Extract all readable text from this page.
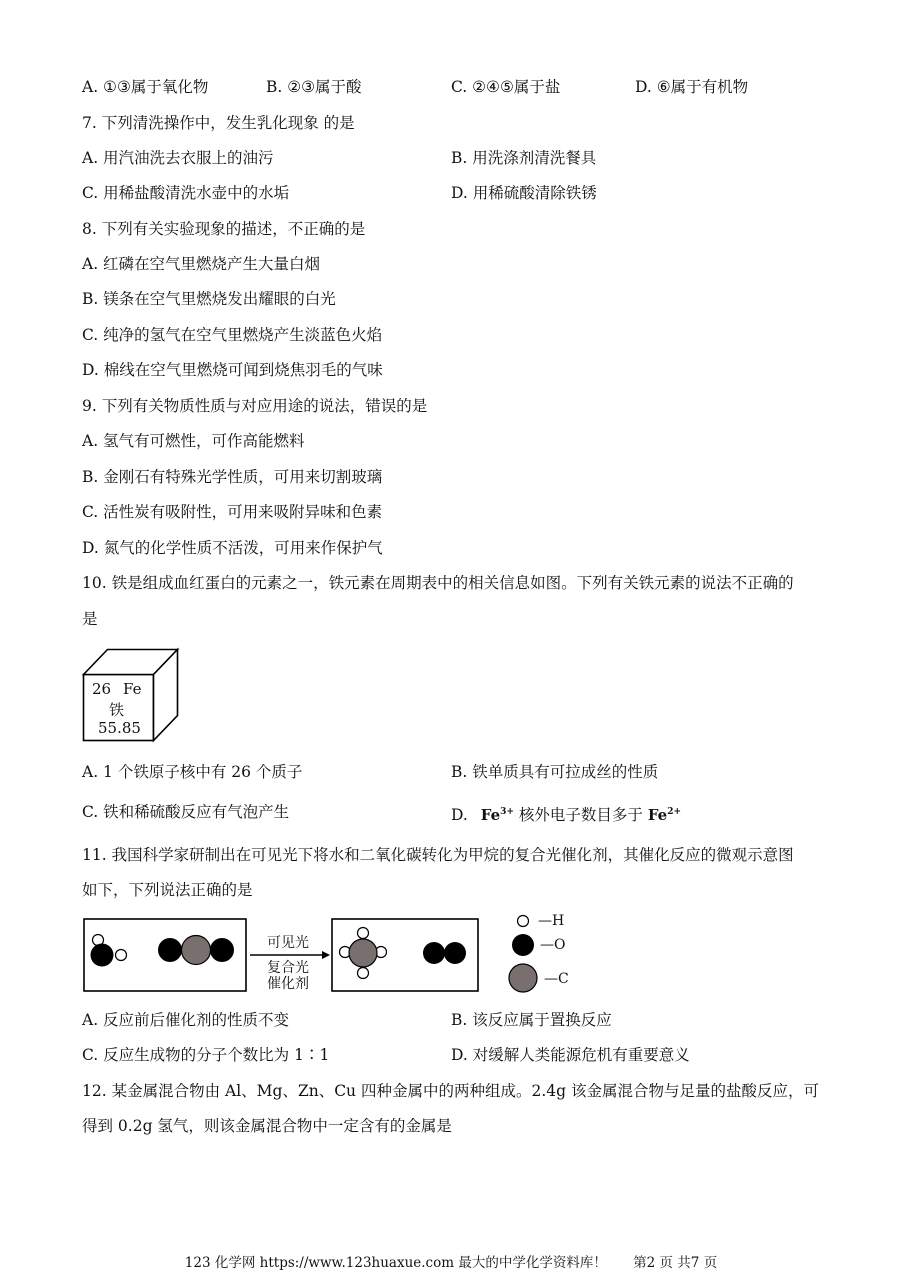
A. ①③属于氧化物	B. ②③属于酸	C. ②④⑤属于盐	D. ⑥属于有机物
7. 下列清洗操作中，发生乳化现象 的是
A. 用汽油洗去衣服上的油污	B. 用洗涤剂清洗餐具
C. 用稀盐酸清洗水壶中的水垢	D. 用稀硫酸清除铁锈
8. 下列有关实验现象的描述，不正确的是
A. 红磷在空气里燃烧产生大量白烟
B. 镁条在空气里燃烧发出耀眼的白光
C. 纯净的氢气在空气里燃烧产生淡蓝色火焰
D. 棉线在空气里燃烧可闻到烧焦羽毛的气味
9. 下列有关物质性质与对应用途的说法，错误的是
A. 氢气有可燃性，可作高能燃料
B. 金刚石有特殊光学性质，可用来切割玻璃
C. 活性炭有吸附性，可用来吸附异味和色素
D. 氮气的化学性质不活泼，可用来作保护气
10. 铁是组成血红蛋白的元素之一，铁元素在周期表中的相关信息如图。下列有关铁元素的说法不正确的
是
26 Fe
铁
55.85
A. 1 个铁原子核中有 26 个质子	B. 铁单质具有可拉成丝的性质
C. 铁和稀硫酸反应有气泡产生	D. $Fe^{3+}$ 核外电子数目多于 $Fe^{2+}$
11. 我国科学家研制出在可见光下将水和二氧化碳转化为甲烷的复合光催化剂，其催化反应的微观示意图
如下，下列说法正确的是
可见光
复合光
催化剂
—H
—O
—C
A. 反应前后催化剂的性质不变	B. 该反应属于置换反应
C. 反应生成物的分子个数比为 1∶1	D. 对缓解人类能源危机有重要意义
12. 某金属混合物由 Al、Mg、Zn、Cu 四种金属中的两种组成。2.4g 该金属混合物与足量的盐酸反应，可
得到 0.2g 氢气，则该金属混合物中一定含有的金属是
123 化学网 https://www.123huaxue.com 最大的中学化学资料库！ 第2 页 共7 页
